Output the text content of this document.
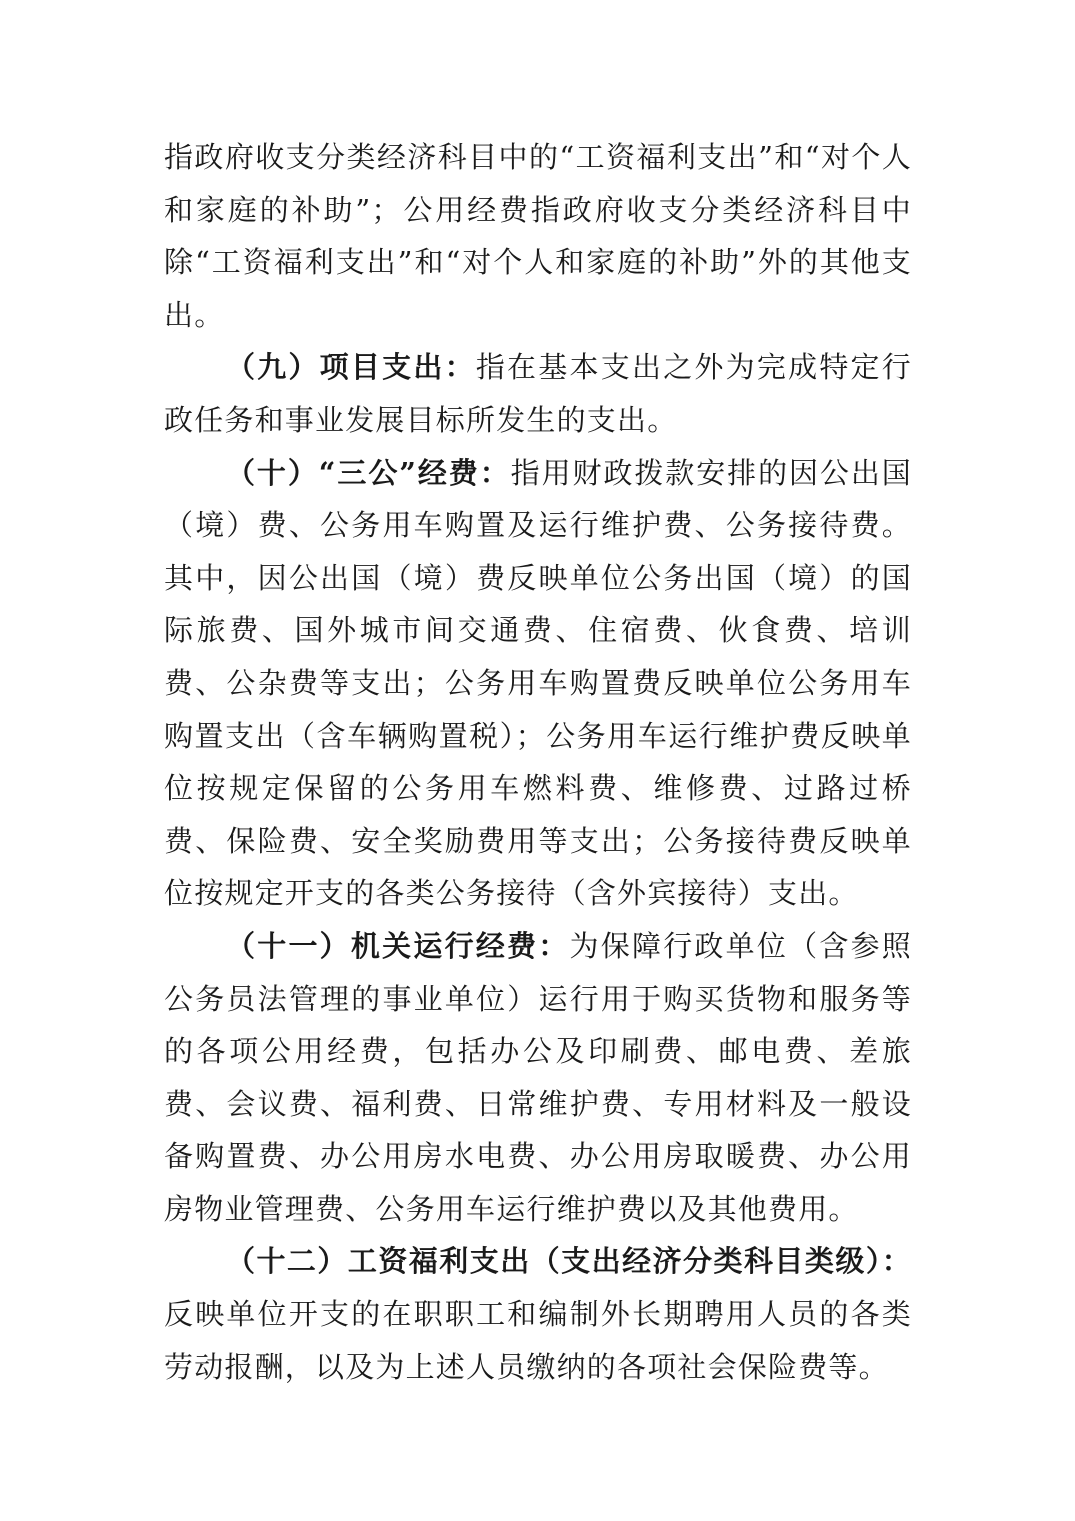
指政府收支分类经济科目中的“工资福利支出”和“对个人和家庭的补助”；公用经费指政府收支分类经济科目中除“工资福利支出”和“对个人和家庭的补助”外的其他支出。

（九）项目支出：指在基本支出之外为完成特定行政任务和事业发展目标所发生的支出。

（十）“三公”经费：指用财政拨款安排的因公出国（境）费、公务用车购置及运行维护费、公务接待费。其中，因公出国（境）费反映单位公务出国（境）的国际旅费、国外城市间交通费、住宿费、伙食费、培训费、公杂费等支出；公务用车购置费反映单位公务用车购置支出（含车辆购置税）；公务用车运行维护费反映单位按规定保留的公务用车燃料费、维修费、过路过桥费、保险费、安全奖励费用等支出；公务接待费反映单位按规定开支的各类公务接待（含外宾接待）支出。

（十一）机关运行经费：为保障行政单位（含参照公务员法管理的事业单位）运行用于购买货物和服务等的各项公用经费，包括办公及印刷费、邮电费、差旅费、会议费、福利费、日常维护费、专用材料及一般设备购置费、办公用房水电费、办公用房取暖费、办公用房物业管理费、公务用车运行维护费以及其他费用。

（十二）工资福利支出（支出经济分类科目类级）：反映单位开支的在职职工和编制外长期聘用人员的各类劳动报酬，以及为上述人员缴纳的各项社会保险费等。
